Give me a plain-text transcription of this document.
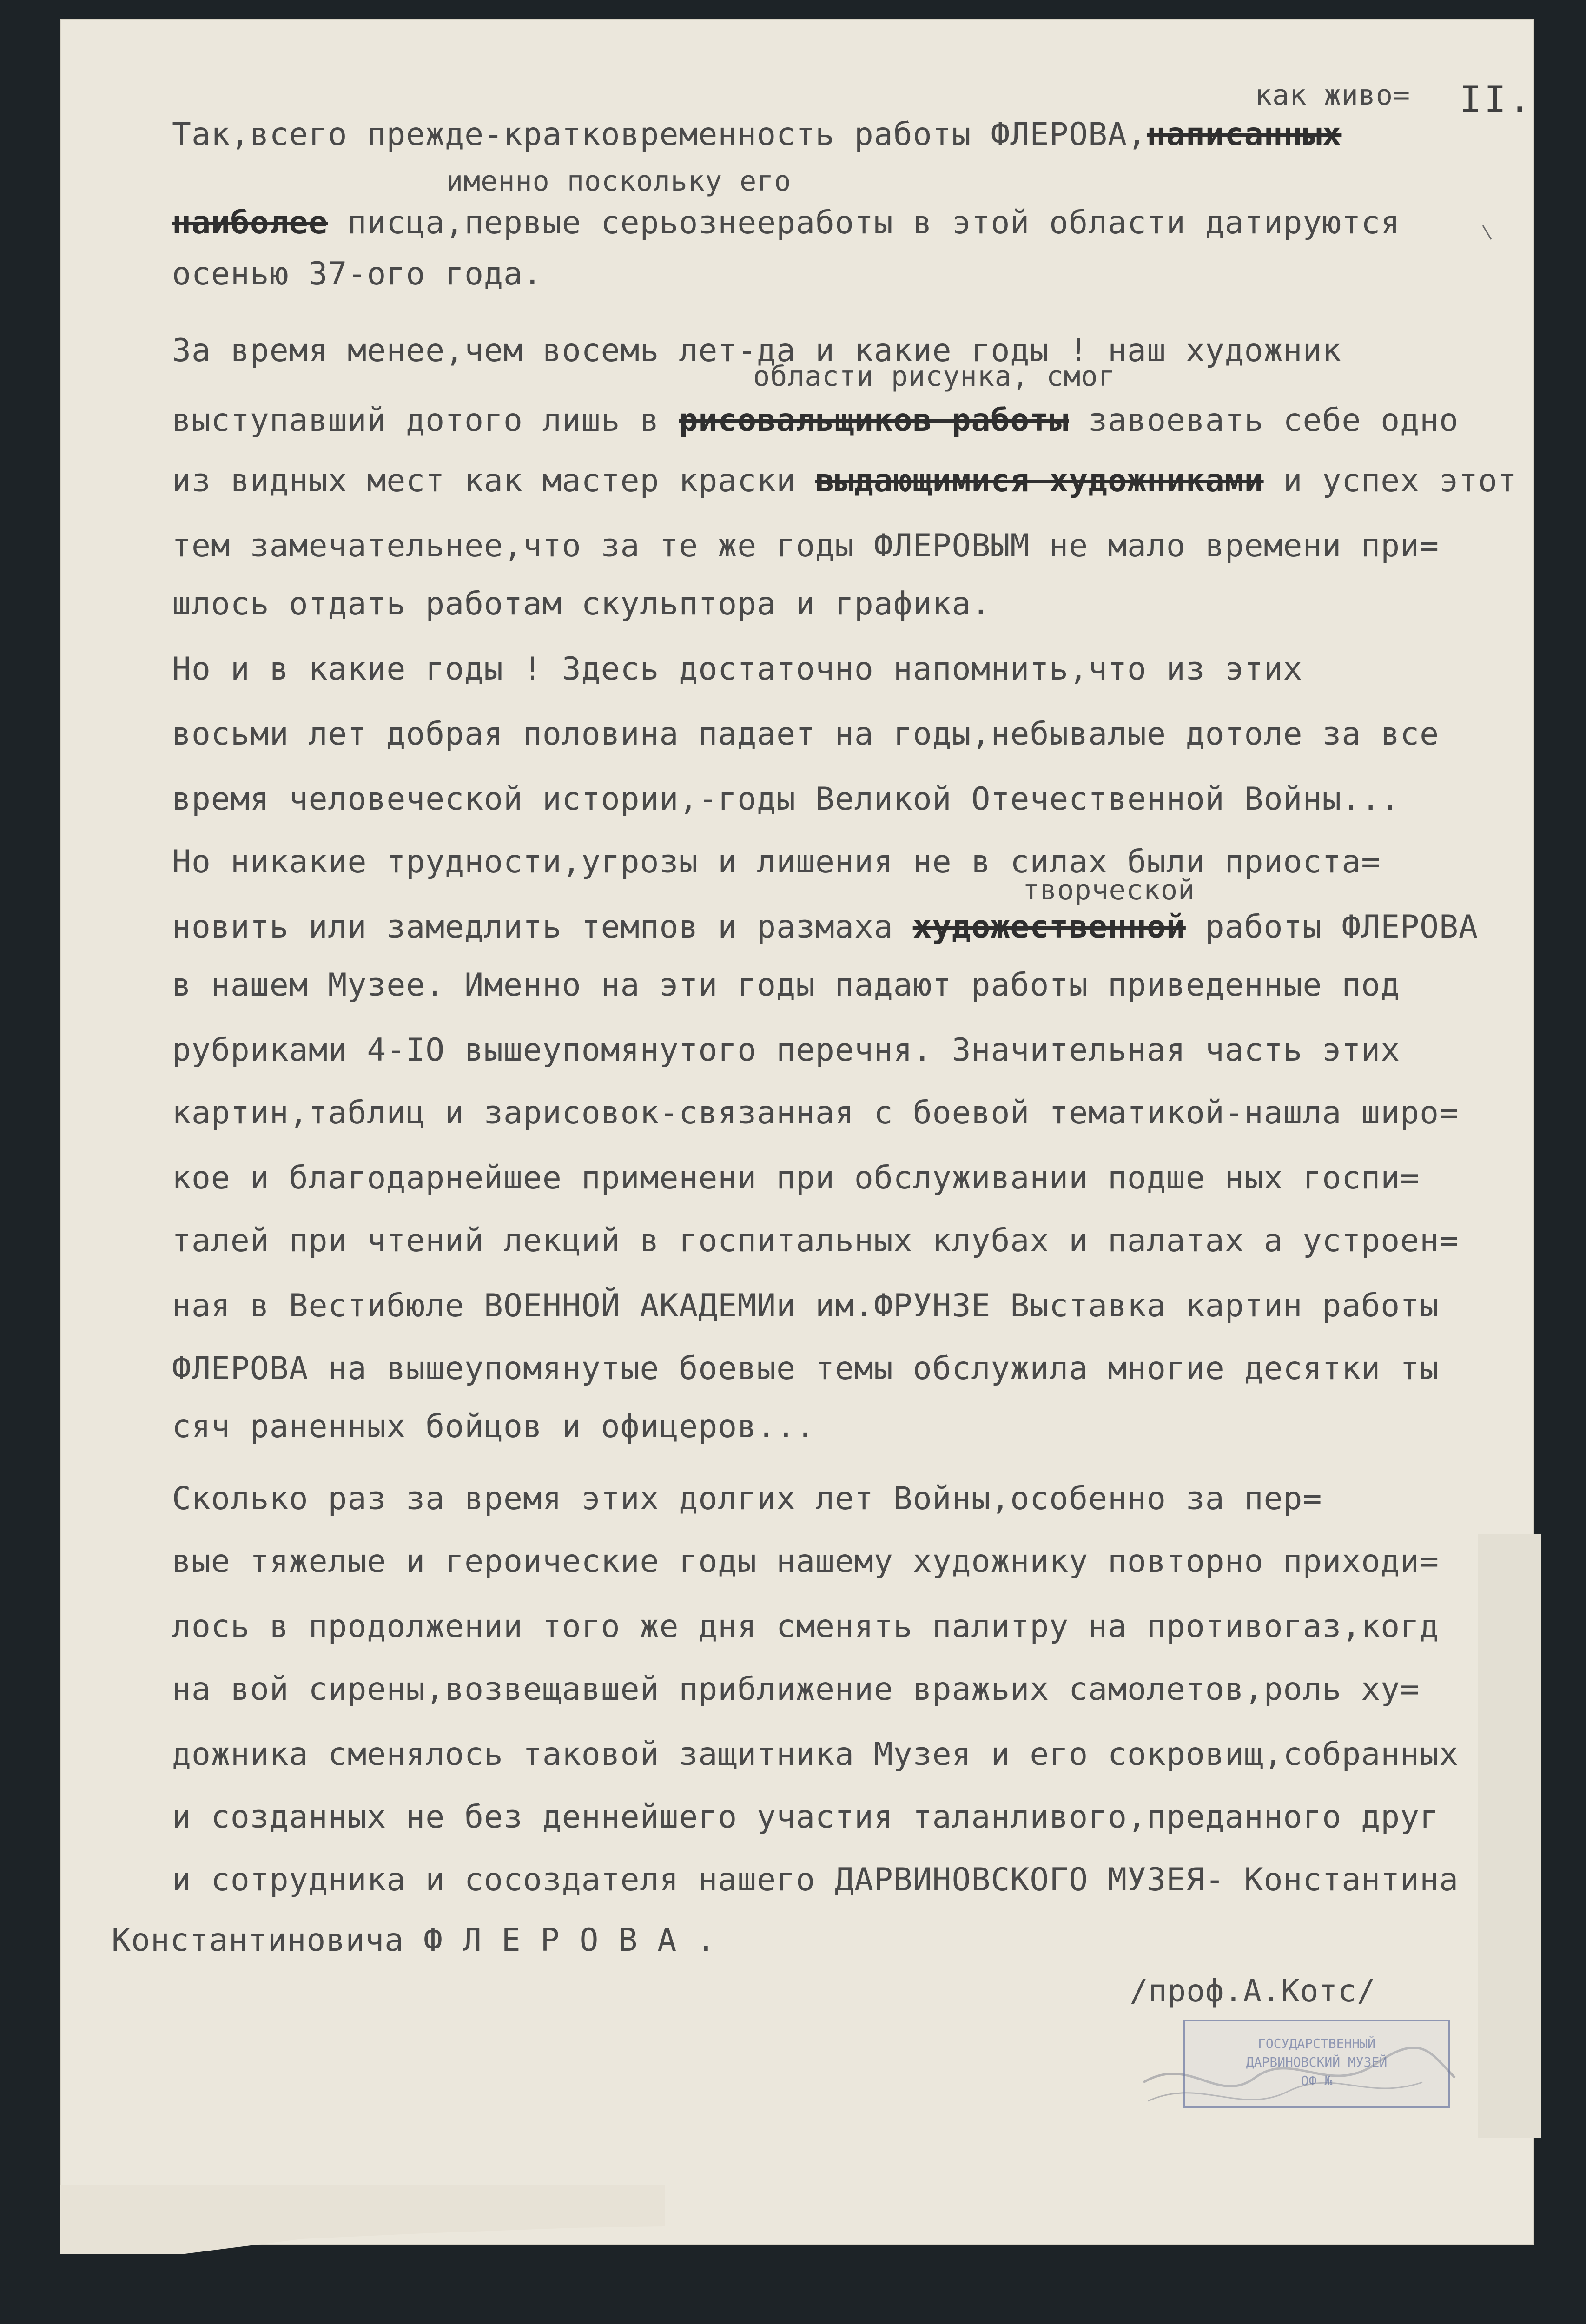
II.
как живо=
именно поскольку его
области рисунка, смог
творческой
Так,всего прежде-кратковременность работы ФЛЕРОВА,написанных
наиболее писца,первые серьознееработы в этой области датируются
осенью 37-ого года.
За время менее,чем восемь лет-да и какие годы ! наш художник
выступавший дотого лишь в рисовальщиков работы завоевать себе одно
из видных мест как мастер краски выдающимися художниками и успех этот
тем замечательнее,что за те же годы ФЛЕРОВЫМ не мало времени при=
шлось отдать работам скульптора и графика.
Но и в какие годы ! Здесь достаточно напомнить,что из этих
восьми лет добрая половина падает на годы,небывалые дотоле за все
время человеческой истории,-годы Великой Отечественной Войны...
Но никакие трудности,угрозы и лишения не в силах были приоста=
новить или замедлить темпов и размаха художественной работы ФЛЕРОВА
в нашем Музее. Именно на эти годы падают работы приведенные под
рубриками 4-IO вышеупомянутого перечня. Значительная часть этих
картин,таблиц и зарисовок-связанная с боевой тематикой-нашла широ=
кое и благодарнейшее применени при обслуживании подше ных госпи=
талей при чтений лекций в госпитальных клубах и палатах а устроен=
ная в Вестибюле ВОЕННОЙ АКАДЕМИи им.ФРУНЗЕ Выставка картин работы
ФЛЕРОВА на вышеупомянутые боевые темы обслужила многие десятки ты
сяч раненных бойцов и офицеров...
Сколько раз за время этих долгих лет Войны,особенно за пер=
вые тяжелые и героические годы нашему художнику повторно приходи=
лось в продолжении того же дня сменять палитру на противогаз,когд
на вой сирены,возвещавшей приближение вражьих самолетов,роль ху=
дожника сменялось таковой защитника Музея и его сокровищ,собранных
и созданных не без деннейшего участия таланливого,преданного друг
и сотрудника и сосоздателя нашего ДАРВИНОВСКОГО МУЗЕЯ- Константина
Константиновича Ф Л Е Р О В А .
/проф.А.Котс/
ГОСУДАРСТВЕННЫЙ
ДАРВИНОВСКИЙ МУЗЕЙ
ОФ №
